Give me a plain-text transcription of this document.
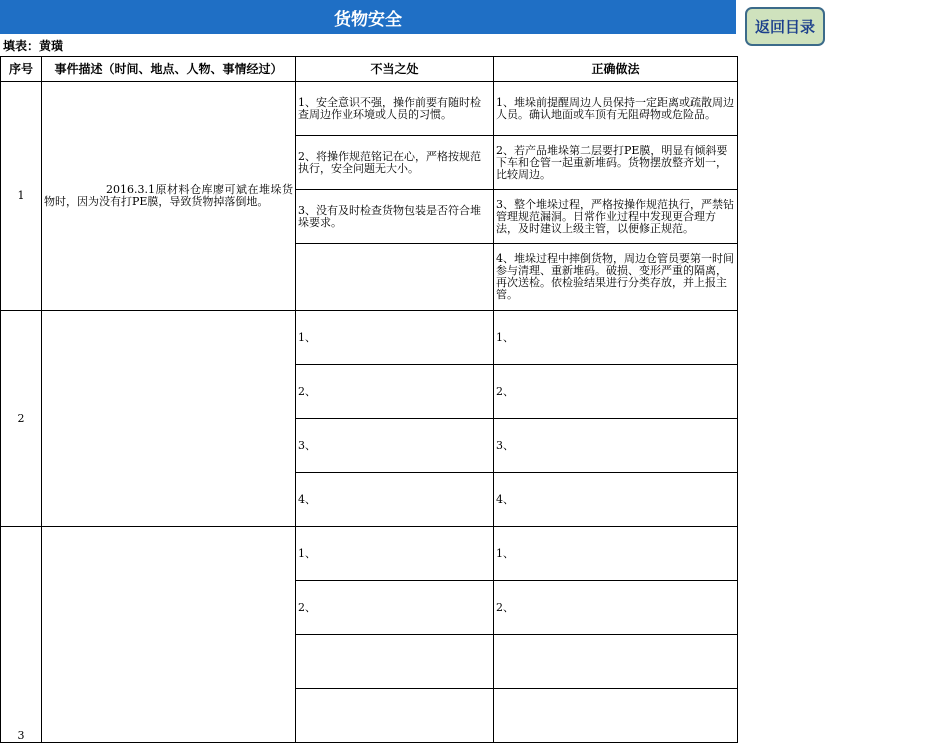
货物安全	返回目录
填表：黄璜
序号	事件描述（时间、地点、人物、事情经过）	不当之处	正确做法
1	2016.3.1原材料仓库廖可斌在堆垛货物时，因为没有打PE膜，导致货物掉落倒地。	1、安全意识不强，操作前要有随时检查周边作业环境或人员的习惯。	1、堆垛前提醒周边人员保持一定距离或疏散周边人员。确认地面或车顶有无阻碍物或危险品。
		2、将操作规范铭记在心，严格按规范执行，安全问题无大小。	2、若产品堆垛第二层要打PE膜，明显有倾斜要下车和仓管一起重新堆码。货物摆放整齐划一，比较周边。
		3、没有及时检查货物包装是否符合堆垛要求。	3、整个堆垛过程，严格按操作规范执行，严禁钻管理规范漏洞。日常作业过程中发现更合理方法，及时建议上级主管，以便修正规范。
			4、堆垛过程中摔倒货物，周边仓管员要第一时间参与清理、重新堆码。破损、变形严重的隔离，再次送检。依检验结果进行分类存放，并上报主管。
2		1、	1、
		2、	2、
		3、	3、
		4、	4、
3		1、	1、
		2、	2、
